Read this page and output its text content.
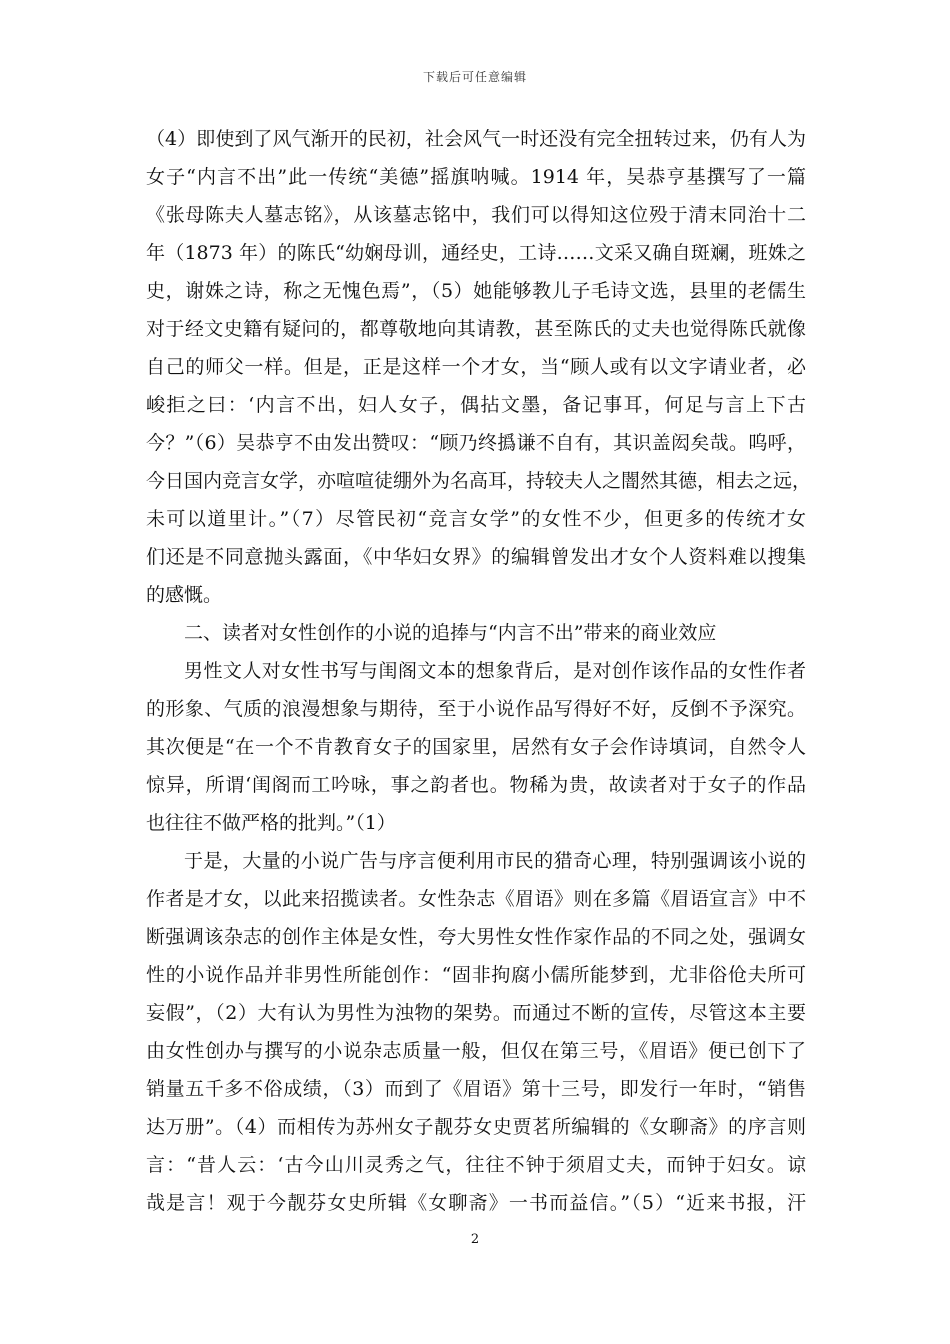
下载后可任意编辑

（4）即使到了风气渐开的民初，社会风气一时还没有完全扭转过来，仍有人为
女子“内言不出”此一传统“美德”摇旗呐喊。1914 年，吴恭亨基撰写了一篇
《张母陈夫人墓志铭》，从该墓志铭中，我们可以得知这位殁于清末同治十二
年（1873 年）的陈氏“幼娴母训，通经史，工诗……文采又确自斑斓，班姝之
史，谢姝之诗，称之无愧色焉”，（5）她能够教儿子毛诗文选，县里的老儒生
对于经文史籍有疑问的，都尊敬地向其请教，甚至陈氏的丈夫也觉得陈氏就像
自己的师父一样。但是，正是这样一个才女，当“顾人或有以文字请业者，必
峻拒之曰：‘内言不出，妇人女子，偶拈文墨，备记事耳，何足与言上下古
今？”（6）吴恭亨不由发出赞叹：“顾乃终撝谦不自有，其识盖闳矣哉。呜呼，
今日国内竞言女学，亦喧喧徒绷外为名高耳，持较夫人之闇然其德，相去之远，
未可以道里计。”（7）尽管民初“竞言女学”的女性不少，但更多的传统才女
们还是不同意抛头露面，《中华妇女界》的编辑曾发出才女个人资料难以搜集
的感慨。

二、读者对女性创作的小说的追捧与“内言不出”带来的商业效应

男性文人对女性书写与闺阁文本的想象背后，是对创作该作品的女性作者
的形象、气质的浪漫想象与期待，至于小说作品写得好不好，反倒不予深究。
其次便是“在一个不肯教育女子的国家里，居然有女子会作诗填词，自然令人
惊异，所谓‘闺阁而工吟咏，事之韵者也。物稀为贵，故读者对于女子的作品
也往往不做严格的批判。”（1）

于是，大量的小说广告与序言便利用市民的猎奇心理，特别强调该小说的
作者是才女，以此来招揽读者。女性杂志《眉语》则在多篇《眉语宣言》中不
断强调该杂志的创作主体是女性，夸大男性女性作家作品的不同之处，强调女
性的小说作品并非男性所能创作：“固非拘腐小儒所能梦到，尤非俗伧夫所可
妄假”，（2）大有认为男性为浊物的架势。而通过不断的宣传，尽管这本主要
由女性创办与撰写的小说杂志质量一般，但仅在第三号，《眉语》便已创下了
销量五千多不俗成绩，（3）而到了《眉语》第十三号，即发行一年时，“销售
达万册”。（4）而相传为苏州女子靓芬女史贾茗所编辑的《女聊斋》的序言则
言：“昔人云：‘古今山川灵秀之气，往往不钟于须眉丈夫，而钟于妇女。谅
哉是言！观于今靓芬女史所辑《女聊斋》一书而益信。”（5）“近来书报，汗

2
